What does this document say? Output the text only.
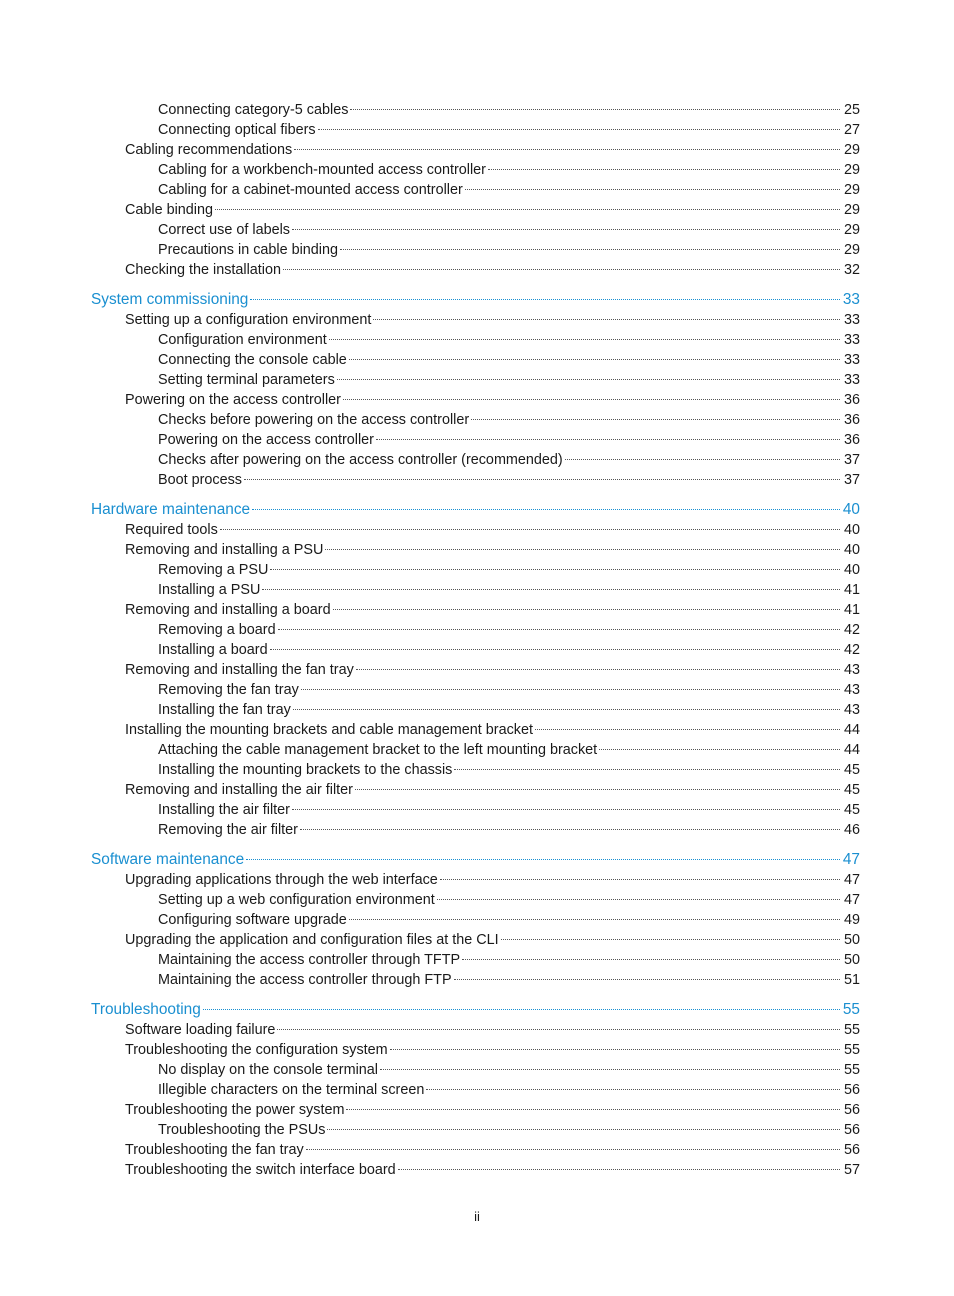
Connecting category-5 cables	25
Connecting optical fibers	27
Cabling recommendations	29
Cabling for a workbench-mounted access controller	29
Cabling for a cabinet-mounted access controller	29
Cable binding	29
Correct use of labels	29
Precautions in cable binding	29
Checking the installation	32
System commissioning	33
Setting up a configuration environment	33
Configuration environment	33
Connecting the console cable	33
Setting terminal parameters	33
Powering on the access controller	36
Checks before powering on the access controller	36
Powering on the access controller	36
Checks after powering on the access controller (recommended)	37
Boot process	37
Hardware maintenance	40
Required tools	40
Removing and installing a PSU	40
Removing a PSU	40
Installing a PSU	41
Removing and installing a board	41
Removing a board	42
Installing a board	42
Removing and installing the fan tray	43
Removing the fan tray	43
Installing the fan tray	43
Installing the mounting brackets and cable management bracket	44
Attaching the cable management bracket to the left mounting bracket	44
Installing the mounting brackets to the chassis	45
Removing and installing the air filter	45
Installing the air filter	45
Removing the air filter	46
Software maintenance	47
Upgrading applications through the web interface	47
Setting up a web configuration environment	47
Configuring software upgrade	49
Upgrading the application and configuration files at the CLI	50
Maintaining the access controller through TFTP	50
Maintaining the access controller through FTP	51
Troubleshooting	55
Software loading failure	55
Troubleshooting the configuration system	55
No display on the console terminal	55
Illegible characters on the terminal screen	56
Troubleshooting the power system	56
Troubleshooting the PSUs	56
Troubleshooting the fan tray	56
Troubleshooting the switch interface board	57
ii
